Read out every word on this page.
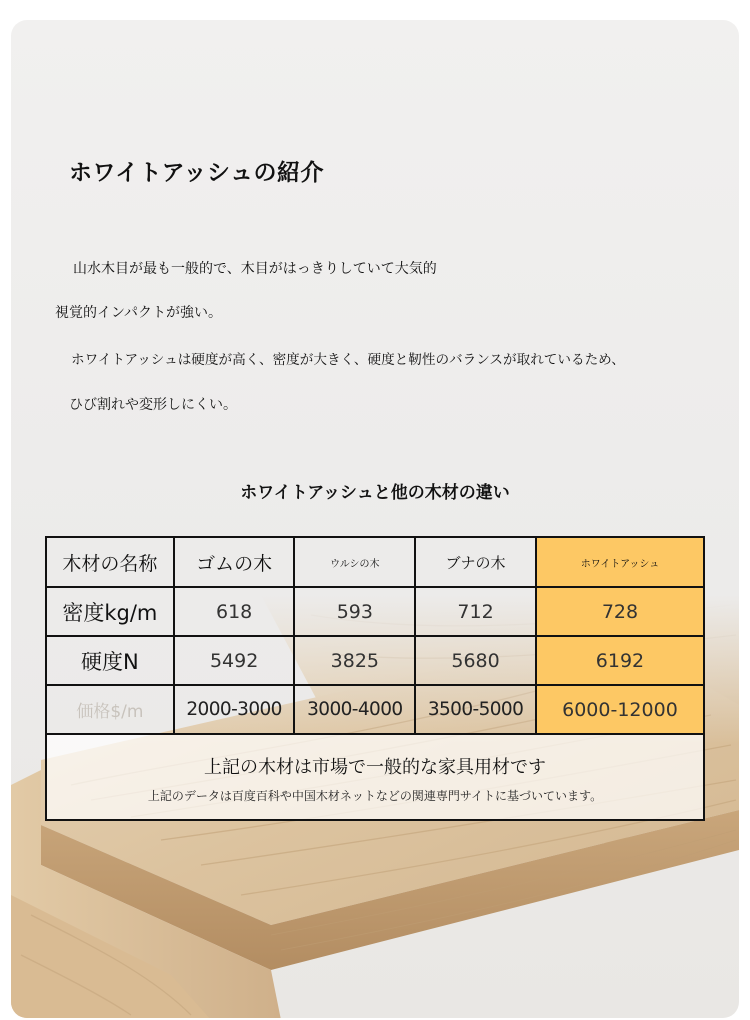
ホワイトアッシュの紹介

山水木目が最も一般的で、木目がはっきりしていて大気的

視覚的インパクトが強い。

ホワイトアッシュは硬度が高く、密度が大きく、硬度と靭性のバランスが取れているため、

ひび割れや変形しにくい。

ホワイトアッシュと他の木材の違い
木材の名称	ゴムの木	ウルシの木	ブナの木	ホワイトアッシュ
密度kg/m	618	593	712	728
硬度N	5492	3825	5680	6192
価格$/m	2000-3000	3000-4000	3500-5000	6000-12000

上記の木材は市場で一般的な家具用材です
上記のデータは百度百科や中国木材ネットなどの関連専門サイトに基づいています。				
